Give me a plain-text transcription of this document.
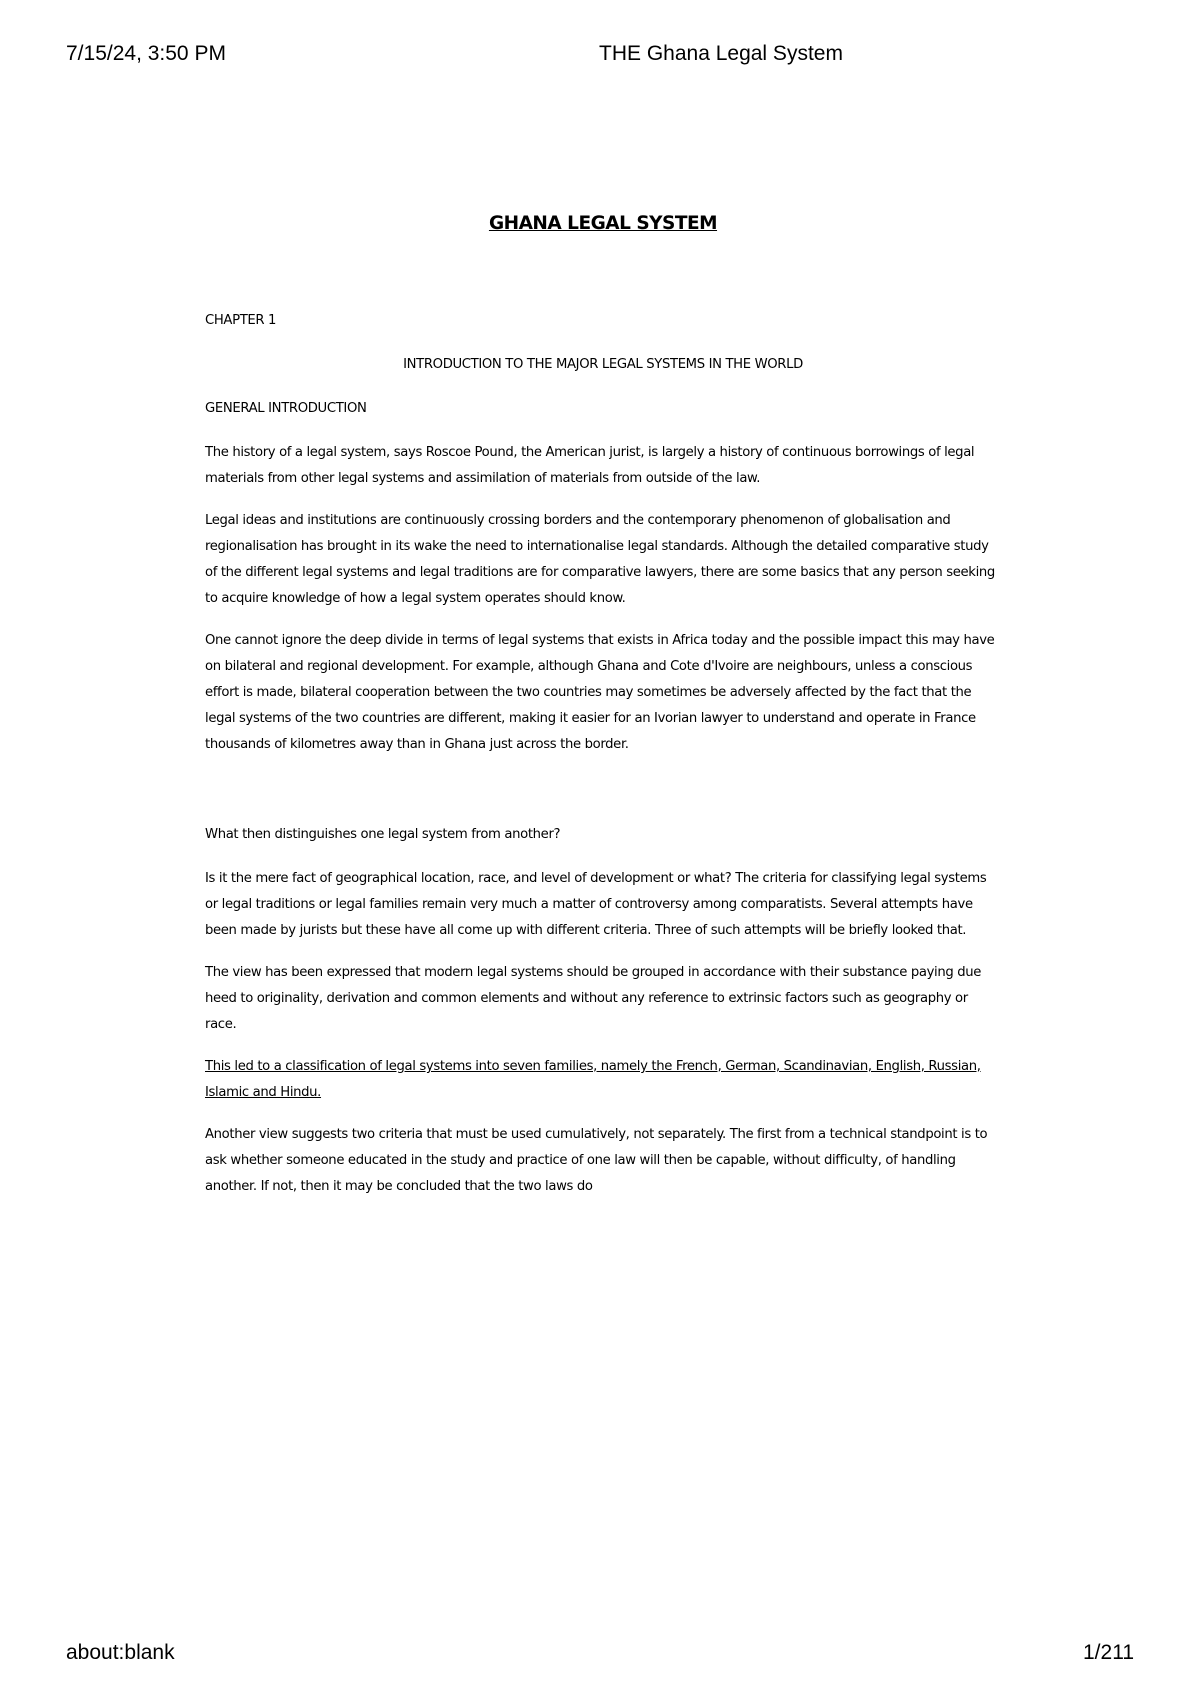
7/15/24, 3:50 PM	THE Ghana Legal System
GHANA LEGAL SYSTEM

CHAPTER 1

INTRODUCTION TO THE MAJOR LEGAL SYSTEMS IN THE WORLD

GENERAL INTRODUCTION

The history of a legal system, says Roscoe Pound, the American jurist, is largely a history of continuous borrowings of legal materials from other legal systems and assimilation of materials from outside of the law.

Legal ideas and institutions are continuously crossing borders and the contemporary phenomenon of globalisation and regionalisation has brought in its wake the need to internationalise legal standards. Although the detailed comparative study of the different legal systems and legal traditions are for comparative lawyers, there are some basics that any person seeking to acquire knowledge of how a legal system operates should know.

One cannot ignore the deep divide in terms of legal systems that exists in Africa today and the possible impact this may have on bilateral and regional development. For example, although Ghana and Cote d'Ivoire are neighbours, unless a conscious effort is made, bilateral cooperation between the two countries may sometimes be adversely affected by the fact that the legal systems of the two countries are different, making it easier for an Ivorian lawyer to understand and operate in France thousands of kilometres away than in Ghana just across the border.

What then distinguishes one legal system from another?

Is it the mere fact of geographical location, race, and level of development or what? The criteria for classifying legal systems or legal traditions or legal families remain very much a matter of controversy among comparatists. Several attempts have been made by jurists but these have all come up with different criteria. Three of such attempts will be briefly looked that.

The view has been expressed that modern legal systems should be grouped in accordance with their substance paying due heed to originality, derivation and common elements and without any reference to extrinsic factors such as geography or race.

This led to a classification of legal systems into seven families, namely the French, German, Scandinavian, English, Russian, Islamic and Hindu.

Another view suggests two criteria that must be used cumulatively, not separately. The first from a technical standpoint is to ask whether someone educated in the study and practice of one law will then be capable, without difficulty, of handling another. If not, then it may be concluded that the two laws do

about:blank	1/211
